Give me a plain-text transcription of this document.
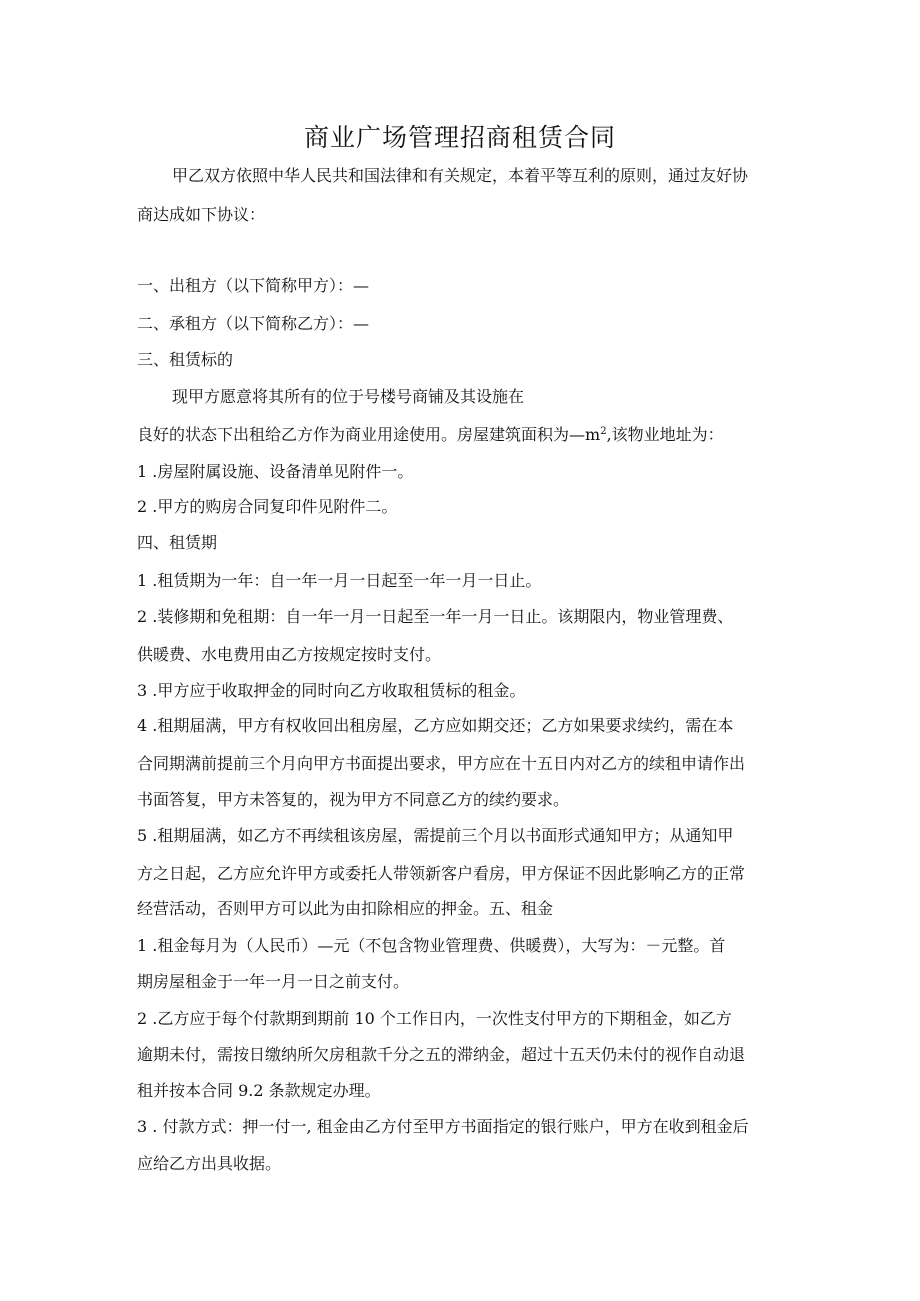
商业广场管理招商租赁合同
甲乙双方依照中华人民共和国法律和有关规定，本着平等互利的原则，通过友好协
商达成如下协议：
一、出租方（以下简称甲方）：—
二、承租方（以下简称乙方）：—
三、租赁标的
现甲方愿意将其所有的位于号楼号商铺及其设施在
良好的状态下出租给乙方作为商业用途使用。房屋建筑面积为$—m^2$,该物业地址为：
1 .房屋附属设施、设备清单见附件一。
2 .甲方的购房合同复印件见附件二。
四、租赁期
1 .租赁期为一年：自一年一月一日起至一年一月一日止。
2 .装修期和免租期：自一年一月一日起至一年一月一日止。该期限内，物业管理费、
供暖费、水电费用由乙方按规定按时支付。
3 .甲方应于收取押金的同时向乙方收取租赁标的租金。
4 .租期届满，甲方有权收回出租房屋，乙方应如期交还；乙方如果要求续约，需在本
合同期满前提前三个月向甲方书面提出要求，甲方应在十五日内对乙方的续租申请作出
书面答复，甲方未答复的，视为甲方不同意乙方的续约要求。
5 .租期届满，如乙方不再续租该房屋，需提前三个月以书面形式通知甲方；从通知甲
方之日起，乙方应允许甲方或委托人带领新客户看房，甲方保证不因此影响乙方的正常
经营活动，否则甲方可以此为由扣除相应的押金。五、租金
1 .租金每月为（人民币）—元（不包含物业管理费、供暖费），大写为：－元整。首
期房屋租金于一年一月一日之前支付。
2 .乙方应于每个付款期到期前 10 个工作日内，一次性支付甲方的下期租金，如乙方
逾期未付，需按日缴纳所欠房租款千分之五的滞纳金，超过十五天仍未付的视作自动退
租并按本合同 9.2 条款规定办理。
3 . 付款方式：押一付一, 租金由乙方付至甲方书面指定的银行账户，甲方在收到租金后
应给乙方出具收据。
